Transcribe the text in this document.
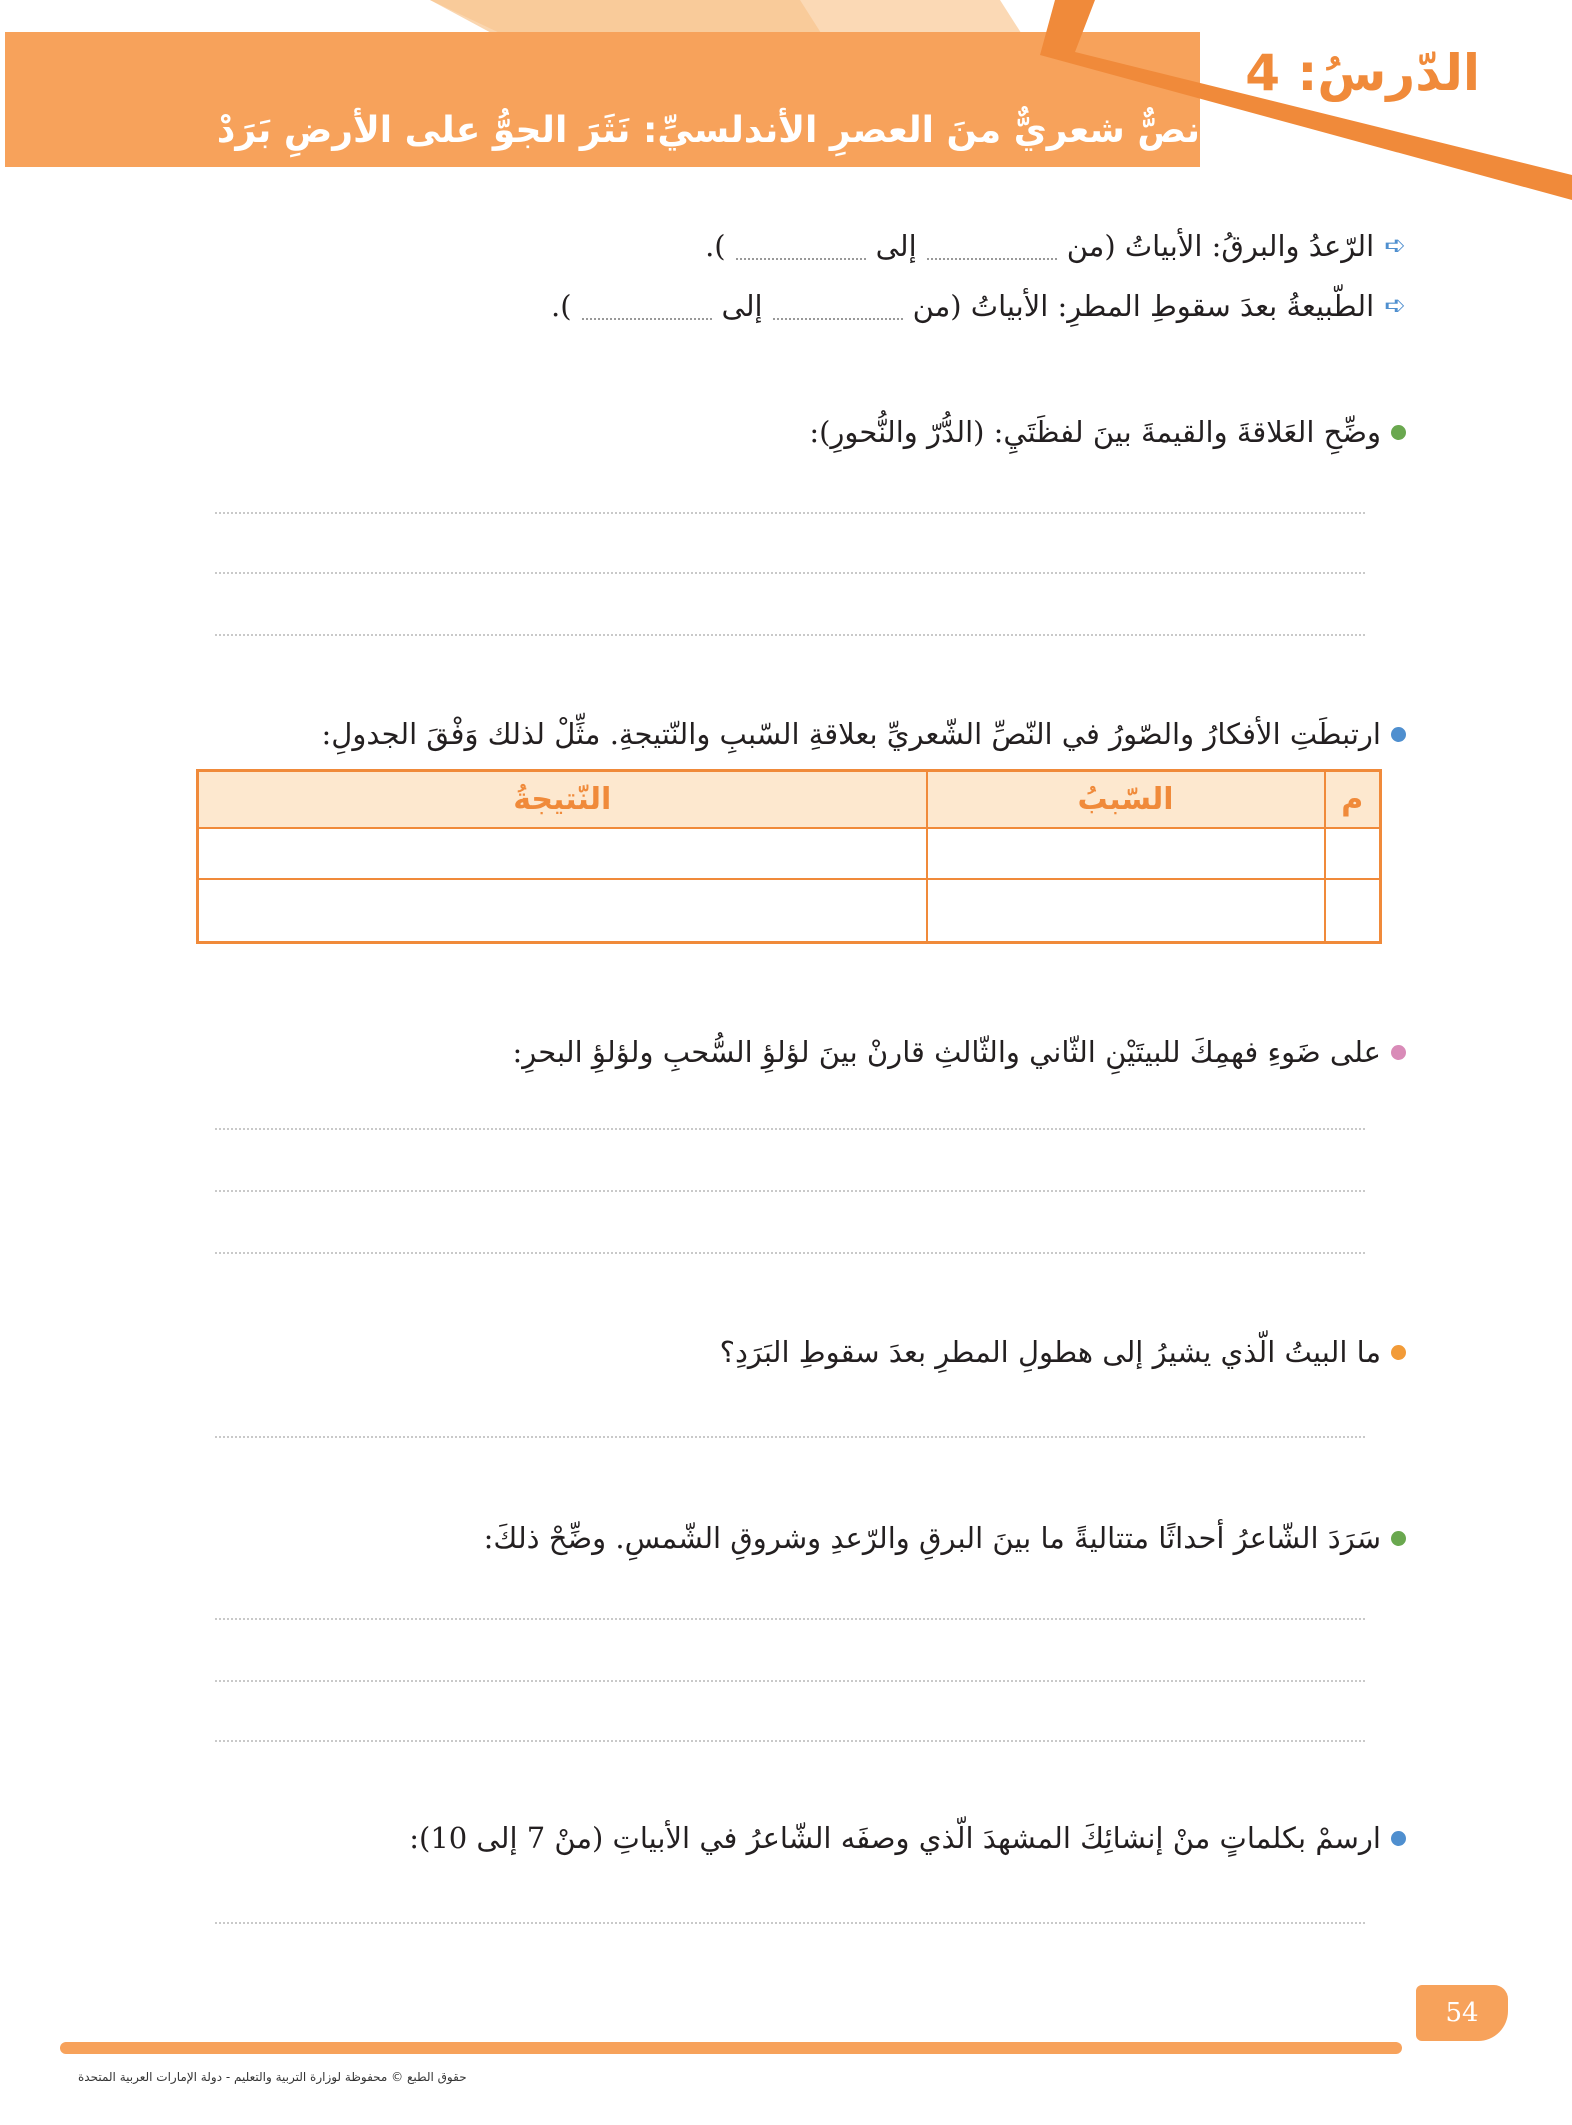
الدّرسُ: 4
نصٌّ شعريٌّ منَ العصرِ الأندلسيِّ: نَثَرَ الجوُّ على الأرضِ بَرَدْ
➪
الرّعدُ والبرقُ: الأبياتُ (من
إلى
).
➪
الطّبيعةُ بعدَ سقوطِ المطرِ: الأبياتُ (من
إلى
).
وضِّحِ العَلاقةَ والقيمةَ بينَ لفظَتَيِ: (الدُّرّ والنُّحورِ):
ارتبطَتِ الأفكارُ والصّورُ في النّصِّ الشّعريِّ بعلاقةِ السّببِ والنّتيجةِ. مثِّلْ لذلك وَفْقَ الجدولِ:
م	السّببُ	النّتيجةُ

على ضَوءِ فهمِكَ للبيتَيْنِ الثّاني والثّالثِ قارنْ بينَ لؤلؤِ السُّحبِ ولؤلؤِ البحرِ:
ما البيتُ الّذي يشيرُ إلى هطولِ المطرِ بعدَ سقوطِ البَرَدِ؟
سَرَدَ الشّاعرُ أحداثًا متتاليةً ما بينَ البرقِ والرّعدِ وشروقِ الشّمسِ. وضِّحْ ذلكَ:
ارسمْ بكلماتٍ منْ إنشائِكَ المشهدَ الّذي وصفَه الشّاعرُ في الأبياتِ (منْ 7 إلى 10):
54
حقوق الطبع © محفوظة لوزارة التربية والتعليم - دولة الإمارات العربية المتحدة
